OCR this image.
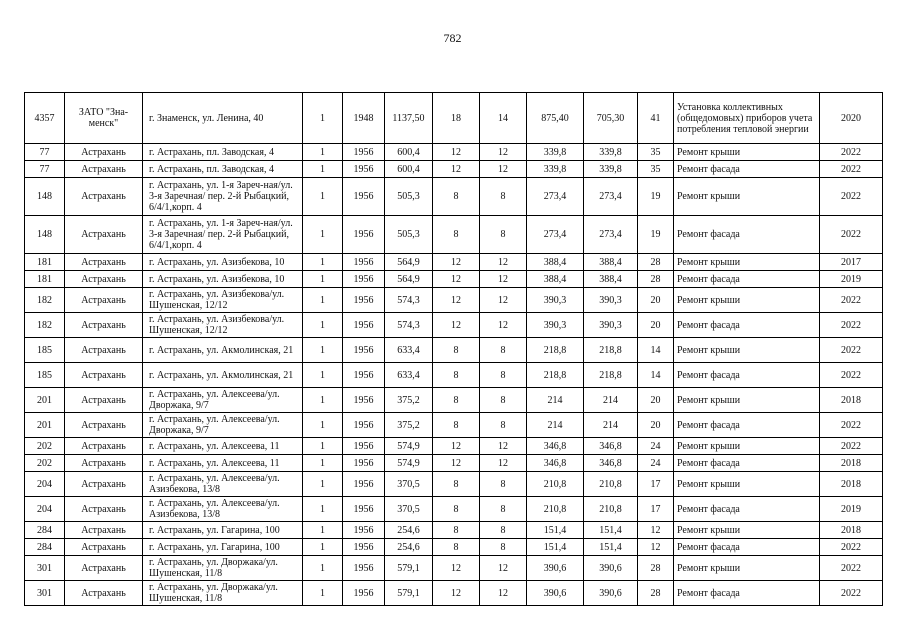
782
4357	ЗАТО "Зна-менск"	г. Знаменск, ул. Ленина, 40	1	1948	1137,50	18	14	875,40	705,30	41	Установка коллективных (общедомовых) приборов учета потребления тепловой энергии	2020
77	Астрахань	г. Астрахань, пл. Заводская, 4	1	1956	600,4	12	12	339,8	339,8	35	Ремонт крыши	2022
77	Астрахань	г. Астрахань, пл. Заводская, 4	1	1956	600,4	12	12	339,8	339,8	35	Ремонт фасада	2022
148	Астрахань	г. Астрахань, ул. 1-я Зареч-ная/ул. 3-я Заречная/ пер. 2-й Рыбацкий, 6/4/1,корп. 4	1	1956	505,3	8	8	273,4	273,4	19	Ремонт крыши	2022
148	Астрахань	г. Астрахань, ул. 1-я Зареч-ная/ул. 3-я Заречная/ пер. 2-й Рыбацкий, 6/4/1,корп. 4	1	1956	505,3	8	8	273,4	273,4	19	Ремонт фасада	2022
181	Астрахань	г. Астрахань, ул. Азизбекова, 10	1	1956	564,9	12	12	388,4	388,4	28	Ремонт крыши	2017
181	Астрахань	г. Астрахань, ул. Азизбекова, 10	1	1956	564,9	12	12	388,4	388,4	28	Ремонт фасада	2019
182	Астрахань	г. Астрахань, ул. Азизбекова/ул. Шушенская, 12/12	1	1956	574,3	12	12	390,3	390,3	20	Ремонт крыши	2022
182	Астрахань	г. Астрахань, ул. Азизбекова/ул. Шушенская, 12/12	1	1956	574,3	12	12	390,3	390,3	20	Ремонт фасада	2022
185	Астрахань	г. Астрахань, ул. Акмолинская, 21	1	1956	633,4	8	8	218,8	218,8	14	Ремонт крыши	2022
185	Астрахань	г. Астрахань, ул. Акмолинская, 21	1	1956	633,4	8	8	218,8	218,8	14	Ремонт фасада	2022
201	Астрахань	г. Астрахань, ул. Алексеева/ул. Дворжака, 9/7	1	1956	375,2	8	8	214	214	20	Ремонт крыши	2018
201	Астрахань	г. Астрахань, ул. Алексеева/ул. Дворжака, 9/7	1	1956	375,2	8	8	214	214	20	Ремонт фасада	2022
202	Астрахань	г. Астрахань, ул. Алексеева, 11	1	1956	574,9	12	12	346,8	346,8	24	Ремонт крыши	2022
202	Астрахань	г. Астрахань, ул. Алексеева, 11	1	1956	574,9	12	12	346,8	346,8	24	Ремонт фасада	2018
204	Астрахань	г. Астрахань, ул. Алексеева/ул. Азизбекова, 13/8	1	1956	370,5	8	8	210,8	210,8	17	Ремонт крыши	2018
204	Астрахань	г. Астрахань, ул. Алексеева/ул. Азизбекова, 13/8	1	1956	370,5	8	8	210,8	210,8	17	Ремонт фасада	2019
284	Астрахань	г. Астрахань, ул. Гагарина, 100	1	1956	254,6	8	8	151,4	151,4	12	Ремонт крыши	2018
284	Астрахань	г. Астрахань, ул. Гагарина, 100	1	1956	254,6	8	8	151,4	151,4	12	Ремонт фасада	2022
301	Астрахань	г. Астрахань, ул. Дворжака/ул. Шушенская, 11/8	1	1956	579,1	12	12	390,6	390,6	28	Ремонт крыши	2022
301	Астрахань	г. Астрахань, ул. Дворжака/ул. Шушенская, 11/8	1	1956	579,1	12	12	390,6	390,6	28	Ремонт фасада	2022
